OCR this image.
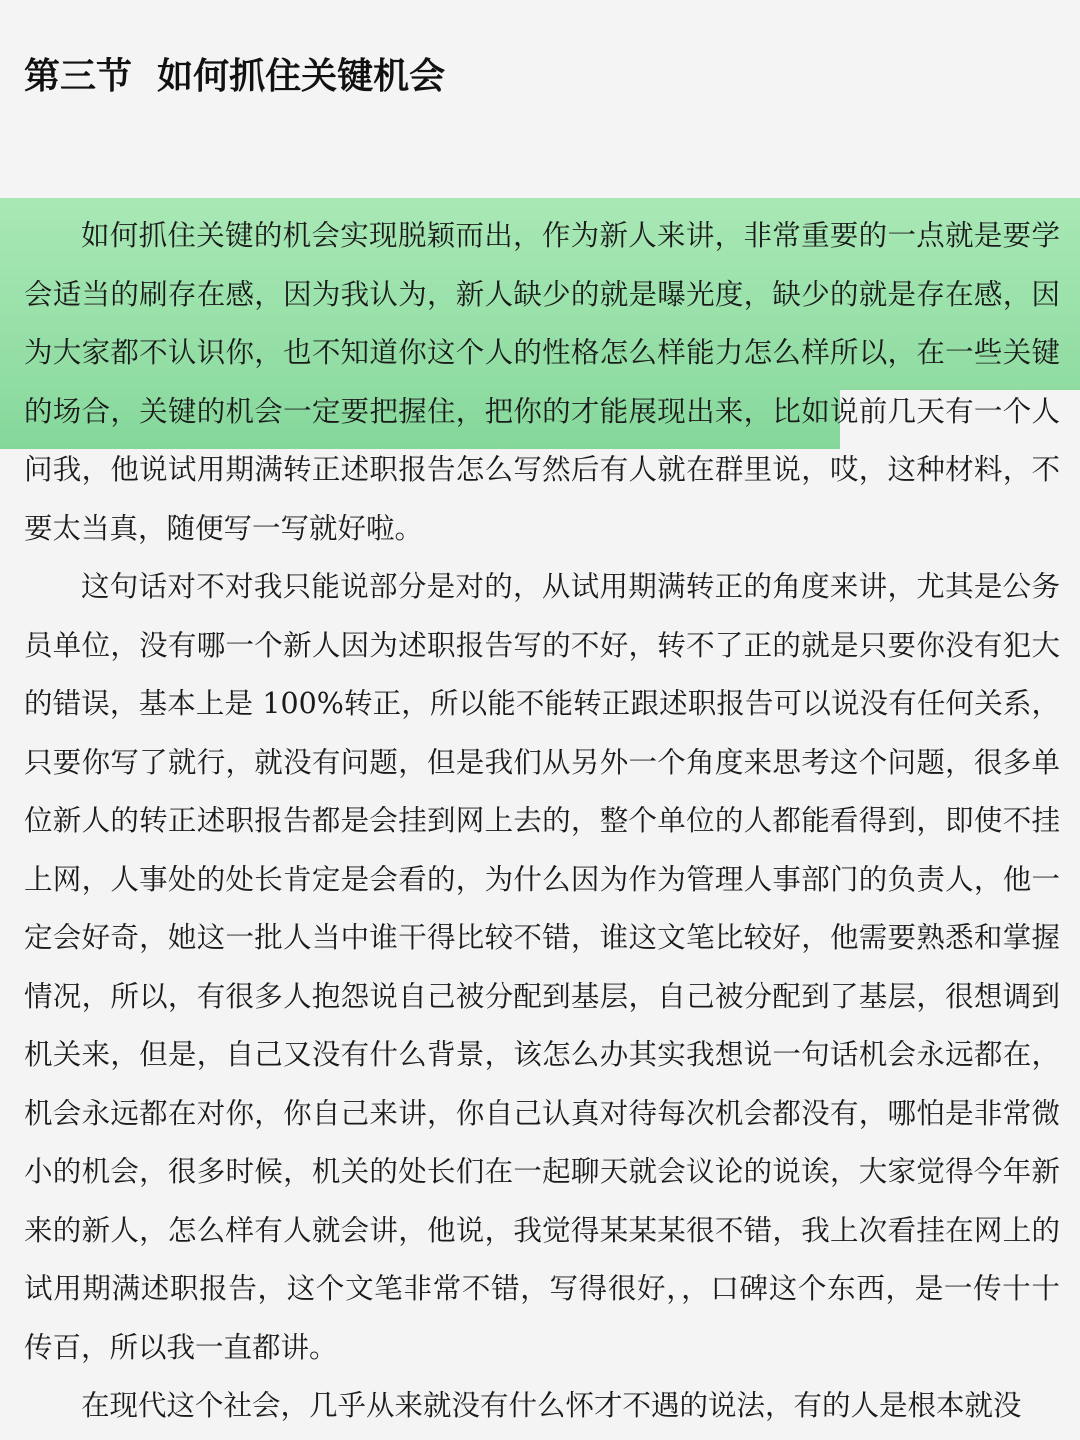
第三节  如何抓住关键机会

如何抓住关键的机会实现脱颖而出，作为新人来讲，非常重要的一点就是要学会适当的刷存在感，因为我认为，新人缺少的就是曝光度，缺少的就是存在感，因为大家都不认识你，也不知道你这个人的性格怎么样能力怎么样所以，在一些关键的场合，关键的机会一定要把握住，把你的才能展现出来，比如说前几天有一个人问我，他说试用期满转正述职报告怎么写然后有人就在群里说，哎，这种材料，不要太当真，随便写一写就好啦。

这句话对不对我只能说部分是对的，从试用期满转正的角度来讲，尤其是公务员单位，没有哪一个新人因为述职报告写的不好，转不了正的就是只要你没有犯大的错误，基本上是 100%转正，所以能不能转正跟述职报告可以说没有任何关系，只要你写了就行，就没有问题，但是我们从另外一个角度来思考这个问题，很多单位新人的转正述职报告都是会挂到网上去的，整个单位的人都能看得到，即使不挂上网，人事处的处长肯定是会看的，为什么因为作为管理人事部门的负责人，他一定会好奇，她这一批人当中谁干得比较不错，谁这文笔比较好，他需要熟悉和掌握情况，所以，有很多人抱怨说自己被分配到基层，自己被分配到了基层，很想调到机关来，但是，自己又没有什么背景，该怎么办其实我想说一句话机会永远都在，机会永远都在对你，你自己来讲，你自己认真对待每次机会都没有，哪怕是非常微小的机会，很多时候，机关的处长们在一起聊天就会议论的说诶，大家觉得今年新来的新人，怎么样有人就会讲，他说，我觉得某某某很不错，我上次看挂在网上的试用期满述职报告，这个文笔非常不错，写得很好，，口碑这个东西，是一传十十传百，所以我一直都讲。

在现代这个社会，几乎从来就没有什么怀才不遇的说法，有的人是根本就没
